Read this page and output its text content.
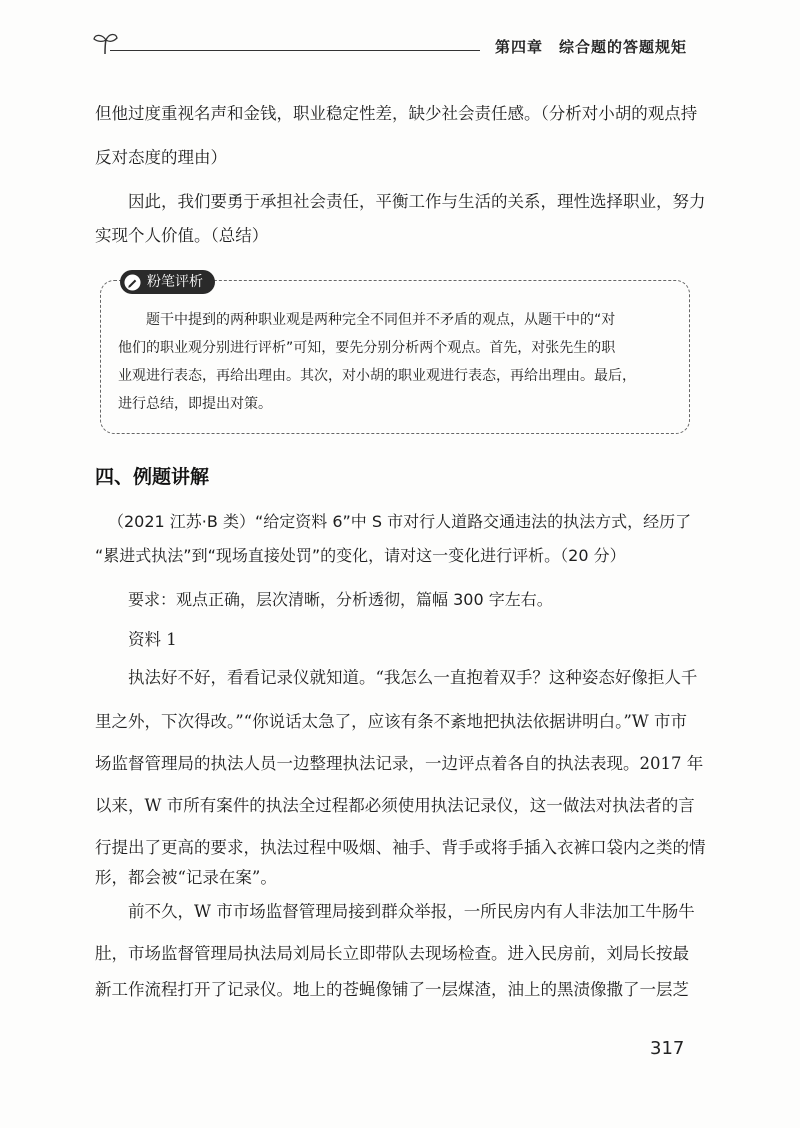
第四章 综合题的答题规矩
但他过度重视名声和金钱，职业稳定性差，缺少社会责任感。（分析对小胡的观点持
反对态度的理由）
因此，我们要勇于承担社会责任，平衡工作与生活的关系，理性选择职业，努力
实现个人价值。（总结）
粉笔评析
题干中提到的两种职业观是两种完全不同但并不矛盾的观点，从题干中的“对
他们的职业观分别进行评析”可知，要先分别分析两个观点。首先，对张先生的职
业观进行表态，再给出理由。其次，对小胡的职业观进行表态，再给出理由。最后，
进行总结，即提出对策。
四、例题讲解
（2021 江苏·B 类）“给定资料 6”中 S 市对行人道路交通违法的执法方式，经历了
“累进式执法”到“现场直接处罚”的变化，请对这一变化进行评析。（20 分）
要求：观点正确，层次清晰，分析透彻，篇幅 300 字左右。
资料 1
执法好不好，看看记录仪就知道。“我怎么一直抱着双手？这种姿态好像拒人千
里之外，下次得改。”“你说话太急了，应该有条不紊地把执法依据讲明白。”W 市市
场监督管理局的执法人员一边整理执法记录，一边评点着各自的执法表现。2017 年
以来，W 市所有案件的执法全过程都必须使用执法记录仪，这一做法对执法者的言
行提出了更高的要求，执法过程中吸烟、袖手、背手或将手插入衣裤口袋内之类的情
形，都会被“记录在案”。
前不久，W 市市场监督管理局接到群众举报，一所民房内有人非法加工牛肠牛
肚，市场监督管理局执法局刘局长立即带队去现场检查。进入民房前，刘局长按最
新工作流程打开了记录仪。地上的苍蝇像铺了一层煤渣，油上的黑渍像撒了一层芝
317
